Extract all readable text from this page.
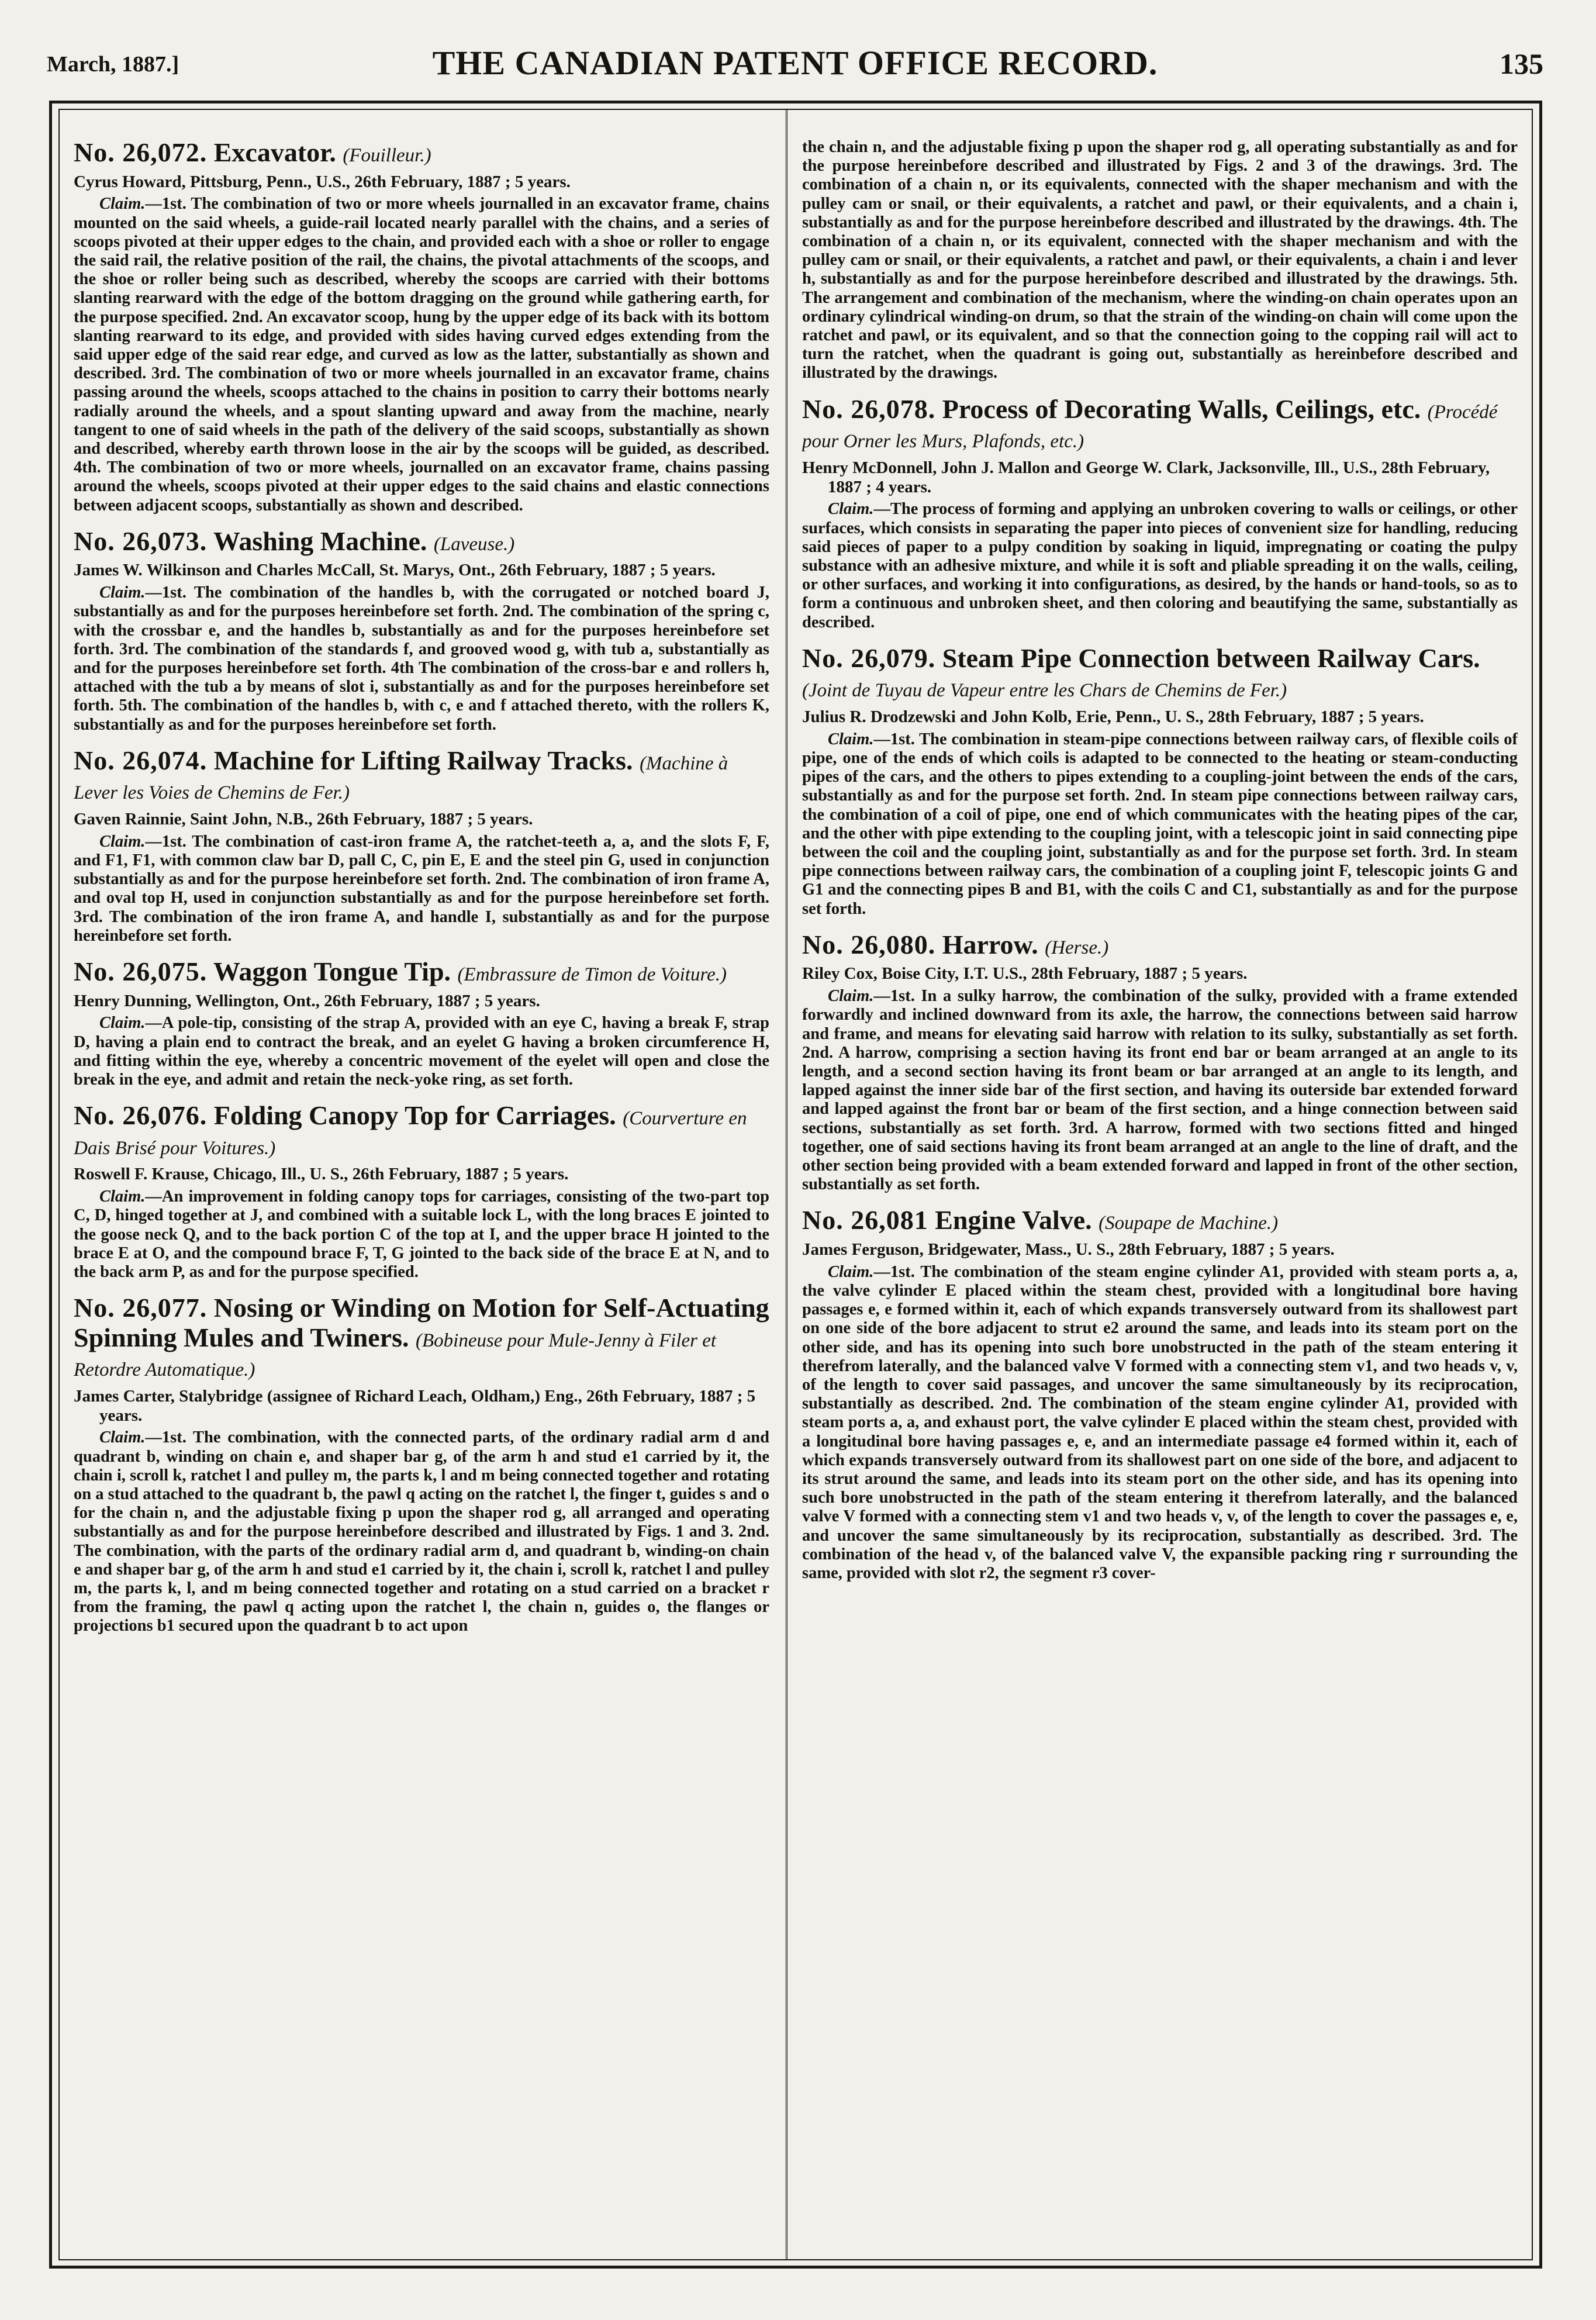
March, 1887.]	THE CANADIAN PATENT OFFICE RECORD.	135
No. 26,072. Excavator. (Fouilleur.)
Cyrus Howard, Pittsburg, Penn., U.S., 26th February, 1887 ; 5 years.

Claim.—1st. The combination of two or more wheels journalled in an excavator frame, chains mounted on the said wheels, a guide-rail located nearly parallel with the chains, and a series of scoops pivoted at their upper edges to the chain, and provided each with a shoe or roller to engage the said rail, the relative position of the rail, the chains, the pivotal attachments of the scoops, and the shoe or roller being such as described, whereby the scoops are carried with their bottoms slanting rearward with the edge of the bottom dragging on the ground while gathering earth, for the purpose specified. 2nd. An excavator scoop, hung by the upper edge of its back with its bottom slanting rearward to its edge, and provided with sides having curved edges extending from the said upper edge of the said rear edge, and curved as low as the latter, substantially as shown and described. 3rd. The combination of two or more wheels journalled in an excavator frame, chains passing around the wheels, scoops attached to the chains in position to carry their bottoms nearly radially around the wheels, and a spout slanting upward and away from the machine, nearly tangent to one of said wheels in the path of the delivery of the said scoops, substantially as shown and described, whereby earth thrown loose in the air by the scoops will be guided, as described. 4th. The combination of two or more wheels, journalled on an excavator frame, chains passing around the wheels, scoops pivoted at their upper edges to the said chains and elastic connections between adjacent scoops, substantially as shown and described.

No. 26,073. Washing Machine. (Laveuse.)
James W. Wilkinson and Charles McCall, St. Marys, Ont., 26th February, 1887 ; 5 years.

Claim.—1st. The combination of the handles b, with the corrugated or notched board J, substantially as and for the purposes hereinbefore set forth. 2nd. The combination of the spring c, with the crossbar e, and the handles b, substantially as and for the purposes hereinbefore set forth. 3rd. The combination of the standards f, and grooved wood g, with tub a, substantially as and for the purposes hereinbefore set forth. 4th The combination of the cross-bar e and rollers h, attached with the tub a by means of slot i, substantially as and for the purposes hereinbefore set forth. 5th. The combination of the handles b, with c, e and f attached thereto, with the rollers K, substantially as and for the purposes hereinbefore set forth.

No. 26,074. Machine for Lifting Railway Tracks. (Machine à Lever les Voies de Chemins de Fer.)
Gaven Rainnie, Saint John, N.B., 26th February, 1887 ; 5 years.

Claim.—1st. The combination of cast-iron frame A, the ratchet-teeth a, a, and the slots F, F, and F1, F1, with common claw bar D, pall C, C, pin E, E and the steel pin G, used in conjunction substantially as and for the purpose hereinbefore set forth. 2nd. The combination of iron frame A, and oval top H, used in conjunction substantially as and for the purpose hereinbefore set forth. 3rd. The combination of the iron frame A, and handle I, substantially as and for the purpose hereinbefore set forth.

No. 26,075. Waggon Tongue Tip. (Embrassure de Timon de Voiture.)
Henry Dunning, Wellington, Ont., 26th February, 1887 ; 5 years.

Claim.—A pole-tip, consisting of the strap A, provided with an eye C, having a break F, strap D, having a plain end to contract the break, and an eyelet G having a broken circumference H, and fitting within the eye, whereby a concentric movement of the eyelet will open and close the break in the eye, and admit and retain the neck-yoke ring, as set forth.

No. 26,076. Folding Canopy Top for Carriages. (Courverture en Dais Brisé pour Voitures.)
Roswell F. Krause, Chicago, Ill., U. S., 26th February, 1887 ; 5 years.

Claim.—An improvement in folding canopy tops for carriages, consisting of the two-part top C, D, hinged together at J, and combined with a suitable lock L, with the long braces E jointed to the goose neck Q, and to the back portion C of the top at I, and the upper brace H jointed to the brace E at O, and the compound brace F, T, G jointed to the back side of the brace E at N, and to the back arm P, as and for the purpose specified.

No. 26,077. Nosing or Winding on Motion for Self-Actuating Spinning Mules and Twiners. (Bobineuse pour Mule-Jenny à Filer et Retordre Automatique.)
James Carter, Stalybridge (assignee of Richard Leach, Oldham,) Eng., 26th February, 1887 ; 5 years.

Claim.—1st. The combination, with the connected parts, of the ordinary radial arm d and quadrant b, winding on chain e, and shaper bar g, of the arm h and stud e1 carried by it, the chain i, scroll k, ratchet l and pulley m, the parts k, l and m being connected together and rotating on a stud attached to the quadrant b, the pawl q acting on the ratchet l, the finger t, guides s and o for the chain n, and the adjustable fixing p upon the shaper rod g, all arranged and operating substantially as and for the purpose hereinbefore described and illustrated by Figs. 1 and 3. 2nd. The combination, with the parts of the ordinary radial arm d, and quadrant b, winding-on chain e and shaper bar g, of the arm h and stud e1 carried by it, the chain i, scroll k, ratchet l and pulley m, the parts k, l, and m being connected together and rotating on a stud carried on a bracket r from the framing, the pawl q acting upon the ratchet l, the chain n, guides o, the flanges or projections b1 secured upon the quadrant b to act upon

the chain n, and the adjustable fixing p upon the shaper rod g, all operating substantially as and for the purpose hereinbefore described and illustrated by Figs. 2 and 3 of the drawings. 3rd. The combination of a chain n, or its equivalents, connected with the shaper mechanism and with the pulley cam or snail, or their equivalents, a ratchet and pawl, or their equivalents, and a chain i, substantially as and for the purpose hereinbefore described and illustrated by the drawings. 4th. The combination of a chain n, or its equivalent, connected with the shaper mechanism and with the pulley cam or snail, or their equivalents, a ratchet and pawl, or their equivalents, a chain i and lever h, substantially as and for the purpose hereinbefore described and illustrated by the drawings. 5th. The arrangement and combination of the mechanism, where the winding-on chain operates upon an ordinary cylindrical winding-on drum, so that the strain of the winding-on chain will come upon the ratchet and pawl, or its equivalent, and so that the connection going to the copping rail will act to turn the ratchet, when the quadrant is going out, substantially as hereinbefore described and illustrated by the drawings.

No. 26,078. Process of Decorating Walls, Ceilings, etc. (Procédé pour Orner les Murs, Plafonds, etc.)
Henry McDonnell, John J. Mallon and George W. Clark, Jacksonville, Ill., U.S., 28th February, 1887 ; 4 years.

Claim.—The process of forming and applying an unbroken covering to walls or ceilings, or other surfaces, which consists in separating the paper into pieces of convenient size for handling, reducing said pieces of paper to a pulpy condition by soaking in liquid, impregnating or coating the pulpy substance with an adhesive mixture, and while it is soft and pliable spreading it on the walls, ceiling, or other surfaces, and working it into configurations, as desired, by the hands or hand-tools, so as to form a continuous and unbroken sheet, and then coloring and beautifying the same, substantially as described.

No. 26,079. Steam Pipe Connection between Railway Cars. (Joint de Tuyau de Vapeur entre les Chars de Chemins de Fer.)
Julius R. Drodzewski and John Kolb, Erie, Penn., U. S., 28th February, 1887 ; 5 years.

Claim.—1st. The combination in steam-pipe connections between railway cars, of flexible coils of pipe, one of the ends of which coils is adapted to be connected to the heating or steam-conducting pipes of the cars, and the others to pipes extending to a coupling-joint between the ends of the cars, substantially as and for the purpose set forth. 2nd. In steam pipe connections between railway cars, the combination of a coil of pipe, one end of which communicates with the heating pipes of the car, and the other with pipe extending to the coupling joint, with a telescopic joint in said connecting pipe between the coil and the coupling joint, substantially as and for the purpose set forth. 3rd. In steam pipe connections between railway cars, the combination of a coupling joint F, telescopic joints G and G1 and the connecting pipes B and B1, with the coils C and C1, substantially as and for the purpose set forth.

No. 26,080. Harrow. (Herse.)
Riley Cox, Boise City, I.T. U.S., 28th February, 1887 ; 5 years.

Claim.—1st. In a sulky harrow, the combination of the sulky, provided with a frame extended forwardly and inclined downward from its axle, the harrow, the connections between said harrow and frame, and means for elevating said harrow with relation to its sulky, substantially as set forth. 2nd. A harrow, comprising a section having its front end bar or beam arranged at an angle to its length, and a second section having its front beam or bar arranged at an angle to its length, and lapped against the inner side bar of the first section, and having its outerside bar extended forward and lapped against the front bar or beam of the first section, and a hinge connection between said sections, substantially as set forth. 3rd. A harrow, formed with two sections fitted and hinged together, one of said sections having its front beam arranged at an angle to the line of draft, and the other section being provided with a beam extended forward and lapped in front of the other section, substantially as set forth.

No. 26,081 Engine Valve. (Soupape de Machine.)
James Ferguson, Bridgewater, Mass., U. S., 28th February, 1887 ; 5 years.

Claim.—1st. The combination of the steam engine cylinder A1, provided with steam ports a, a, the valve cylinder E placed within the steam chest, provided with a longitudinal bore having passages e, e formed within it, each of which expands transversely outward from its shallowest part on one side of the bore adjacent to strut e2 around the same, and leads into its steam port on the other side, and has its opening into such bore unobstructed in the path of the steam entering it therefrom laterally, and the balanced valve V formed with a connecting stem v1, and two heads v, v, of the length to cover said passages, and uncover the same simultaneously by its reciprocation, substantially as described. 2nd. The combination of the steam engine cylinder A1, provided with steam ports a, a, and exhaust port, the valve cylinder E placed within the steam chest, provided with a longitudinal bore having passages e, e, and an intermediate passage e4 formed within it, each of which expands transversely outward from its shallowest part on one side of the bore, and adjacent to its strut around the same, and leads into its steam port on the other side, and has its opening into such bore unobstructed in the path of the steam entering it therefrom laterally, and the balanced valve V formed with a connecting stem v1 and two heads v, v, of the length to cover the passages e, e, and uncover the same simultaneously by its reciprocation, substantially as described. 3rd. The combination of the head v, of the balanced valve V, the expansible packing ring r surrounding the same, provided with slot r2, the segment r3 cover-
